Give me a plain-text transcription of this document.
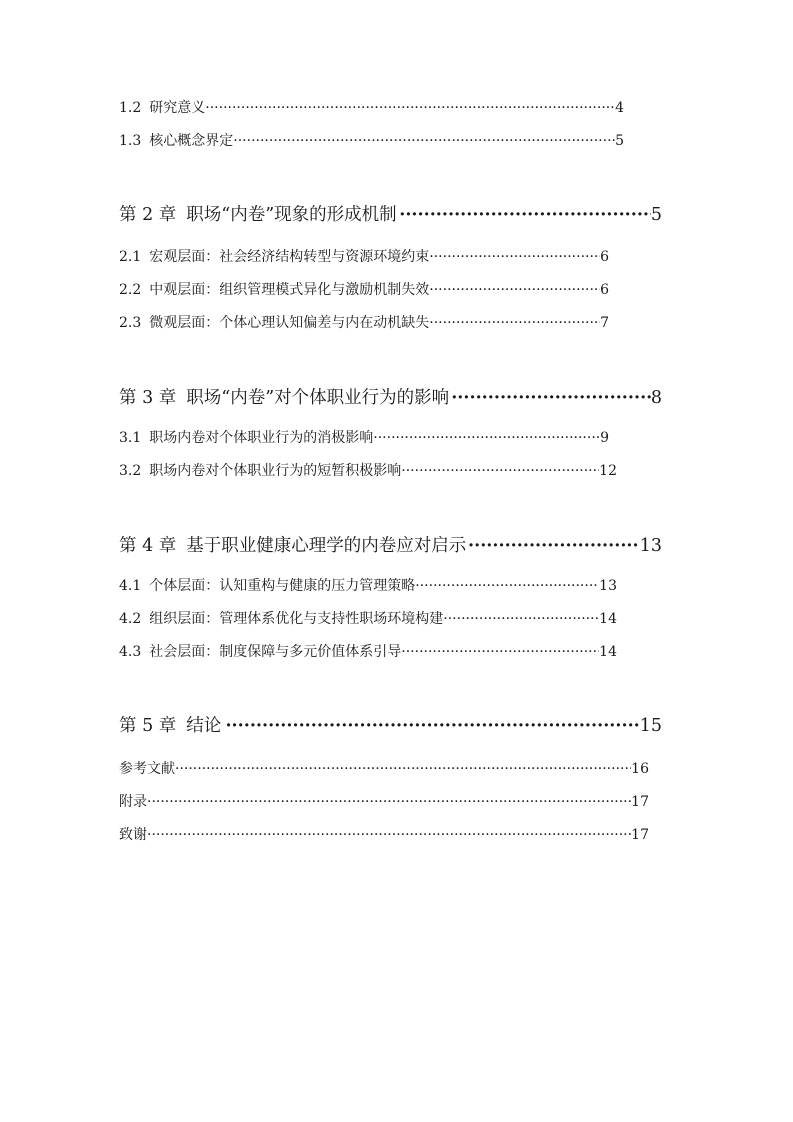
1.2 研究意义 ·····	4
1.3 核心概念界定 ·····	5
第 2 章 职场“内卷”现象的形成机制 ·····	5
2.1 宏观层面：社会经济结构转型与资源环境约束 ·····	6
2.2 中观层面：组织管理模式异化与激励机制失效 ·····	6
2.3 微观层面：个体心理认知偏差与内在动机缺失 ·····	7
第 3 章 职场“内卷”对个体职业行为的影响 ·····	8
3.1 职场内卷对个体职业行为的消极影响 ·····	9
3.2 职场内卷对个体职业行为的短暂积极影响 ·····	12
第 4 章 基于职业健康心理学的内卷应对启示 ·····	13
4.1 个体层面：认知重构与健康的压力管理策略 ·····	13
4.2 组织层面：管理体系优化与支持性职场环境构建 ·····	14
4.3 社会层面：制度保障与多元价值体系引导 ·····	14
第 5 章 结论 ·····	15
参考文献 ·····	16
附录 ·····	17
致谢 ·····	17
